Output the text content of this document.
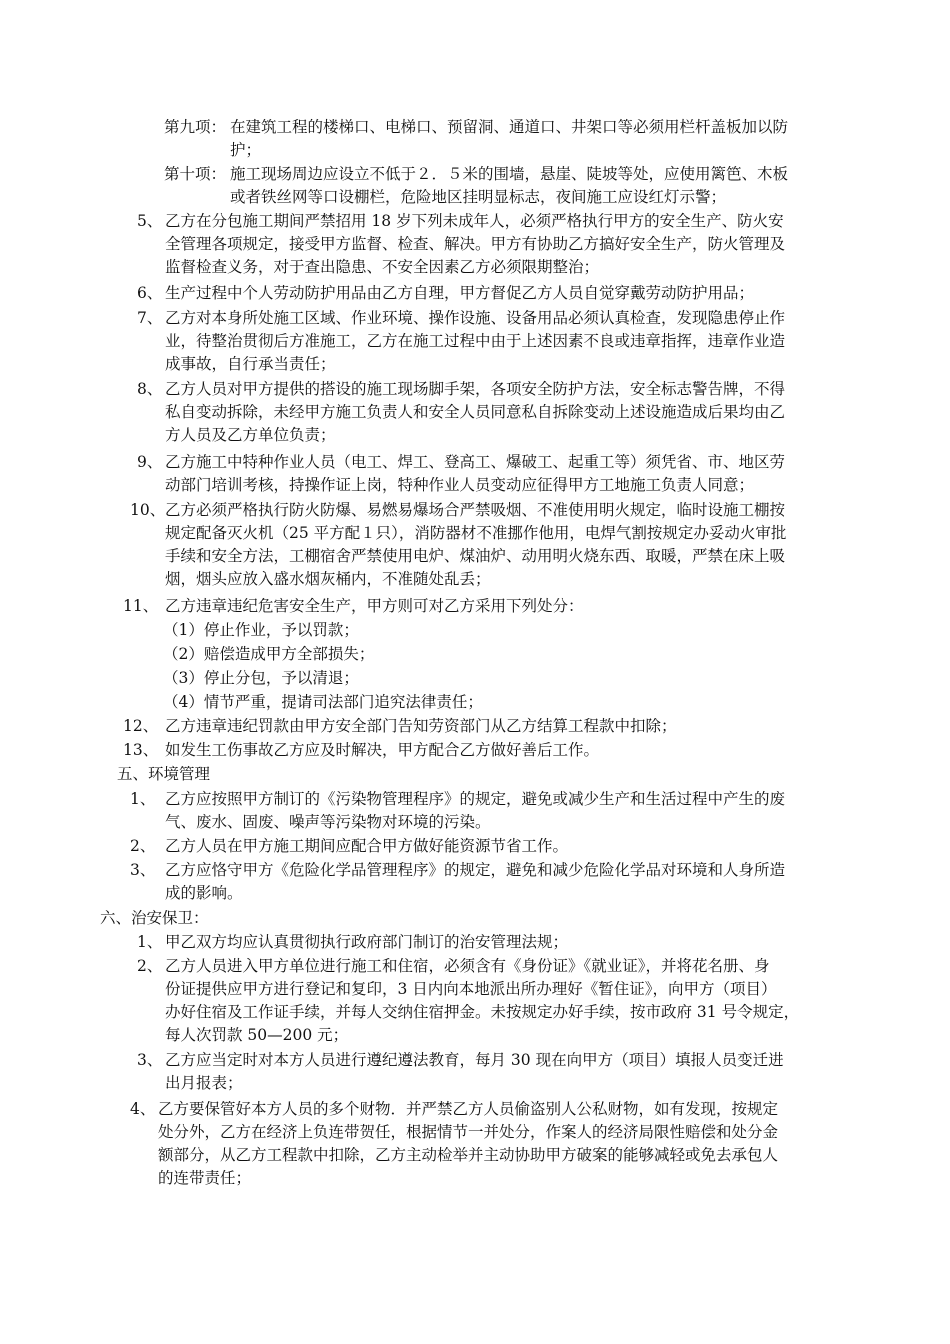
第九项： 在建筑工程的楼梯口、电梯口、预留洞、通道口、井架口等必须用栏杆盖板加以防
护；
第十项： 施工现场周边应设立不低于２．５米的围墙，悬崖、陡坡等处，应使用篱笆、木板
或者铁丝网等口设棚栏，危险地区挂明显标志，夜间施工应设红灯示警；
5、 乙方在分包施工期间严禁招用 18 岁下列未成年人，必须严格执行甲方的安全生产、防火安
全管理各项规定，接受甲方监督、检查、解决。甲方有协助乙方搞好安全生产，防火管理及
监督检查义务，对于查出隐患、不安全因素乙方必须限期整治；
6、 生产过程中个人劳动防护用品由乙方自理，甲方督促乙方人员自觉穿戴劳动防护用品；
7、 乙方对本身所处施工区域、作业环境、操作设施、设备用品必须认真检查，发现隐患停止作
业，待整治贯彻后方准施工，乙方在施工过程中由于上述因素不良或违章指挥，违章作业造
成事故，自行承当责任；
8、 乙方人员对甲方提供的搭设的施工现场脚手架，各项安全防护方法，安全标志警告牌，不得
私自变动拆除，未经甲方施工负责人和安全人员同意私自拆除变动上述设施造成后果均由乙
方人员及乙方单位负责；
9、 乙方施工中特种作业人员（电工、焊工、登高工、爆破工、起重工等）须凭省、市、地区劳
动部门培训考核，持操作证上岗，特种作业人员变动应征得甲方工地施工负责人同意；
10、 乙方必须严格执行防火防爆、易燃易爆场合严禁吸烟、不准使用明火规定，临时设施工棚按
规定配备灭火机（25 平方配１只），消防器材不准挪作他用，电焊气割按规定办妥动火审批
手续和安全方法，工棚宿舍严禁使用电炉、煤油炉、动用明火烧东西、取暖，严禁在床上吸
烟，烟头应放入盛水烟灰桶内，不准随处乱丢；
11、 乙方违章违纪危害安全生产，甲方则可对乙方采用下列处分：
（1）停止作业，予以罚款；
（2）赔偿造成甲方全部损失；
（3）停止分包，予以清退；
（4）情节严重，提请司法部门追究法律责任；
12、 乙方违章违纪罚款由甲方安全部门告知劳资部门从乙方结算工程款中扣除；
13、 如发生工伤事故乙方应及时解决，甲方配合乙方做好善后工作。
五、环境管理
1、 乙方应按照甲方制订的《污染物管理程序》的规定，避免或减少生产和生活过程中产生的废
气、废水、固废、噪声等污染物对环境的污染。
2、 乙方人员在甲方施工期间应配合甲方做好能资源节省工作。
3、 乙方应恪守甲方《危险化学品管理程序》的规定，避免和减少危险化学品对环境和人身所造
成的影响。
六、治安保卫：
1、 甲乙双方均应认真贯彻执行政府部门制订的治安管理法规；
2、 乙方人员进入甲方单位进行施工和住宿，必须含有《身份证》《就业证》，并将花名册、身
份证提供应甲方进行登记和复印，3 日内向本地派出所办理好《暂住证》，向甲方（项目）
办好住宿及工作证手续，并每人交纳住宿押金。未按规定办好手续，按市政府 31 号令规定，
每人次罚款 50—200 元；
3、 乙方应当定时对本方人员进行遵纪遵法教育，每月 30 现在向甲方（项目）填报人员变迁进
出月报表；
4、 乙方要保管好本方人员的多个财物．并严禁乙方人员偷盗别人公私财物，如有发现，按规定
处分外，乙方在经济上负连带贺任，根据情节一并处分，作案人的经济局限性赔偿和处分金
额部分，从乙方工程款中扣除，乙方主动检举并主动协助甲方破案的能够减轻或免去承包人
的连带责任；
